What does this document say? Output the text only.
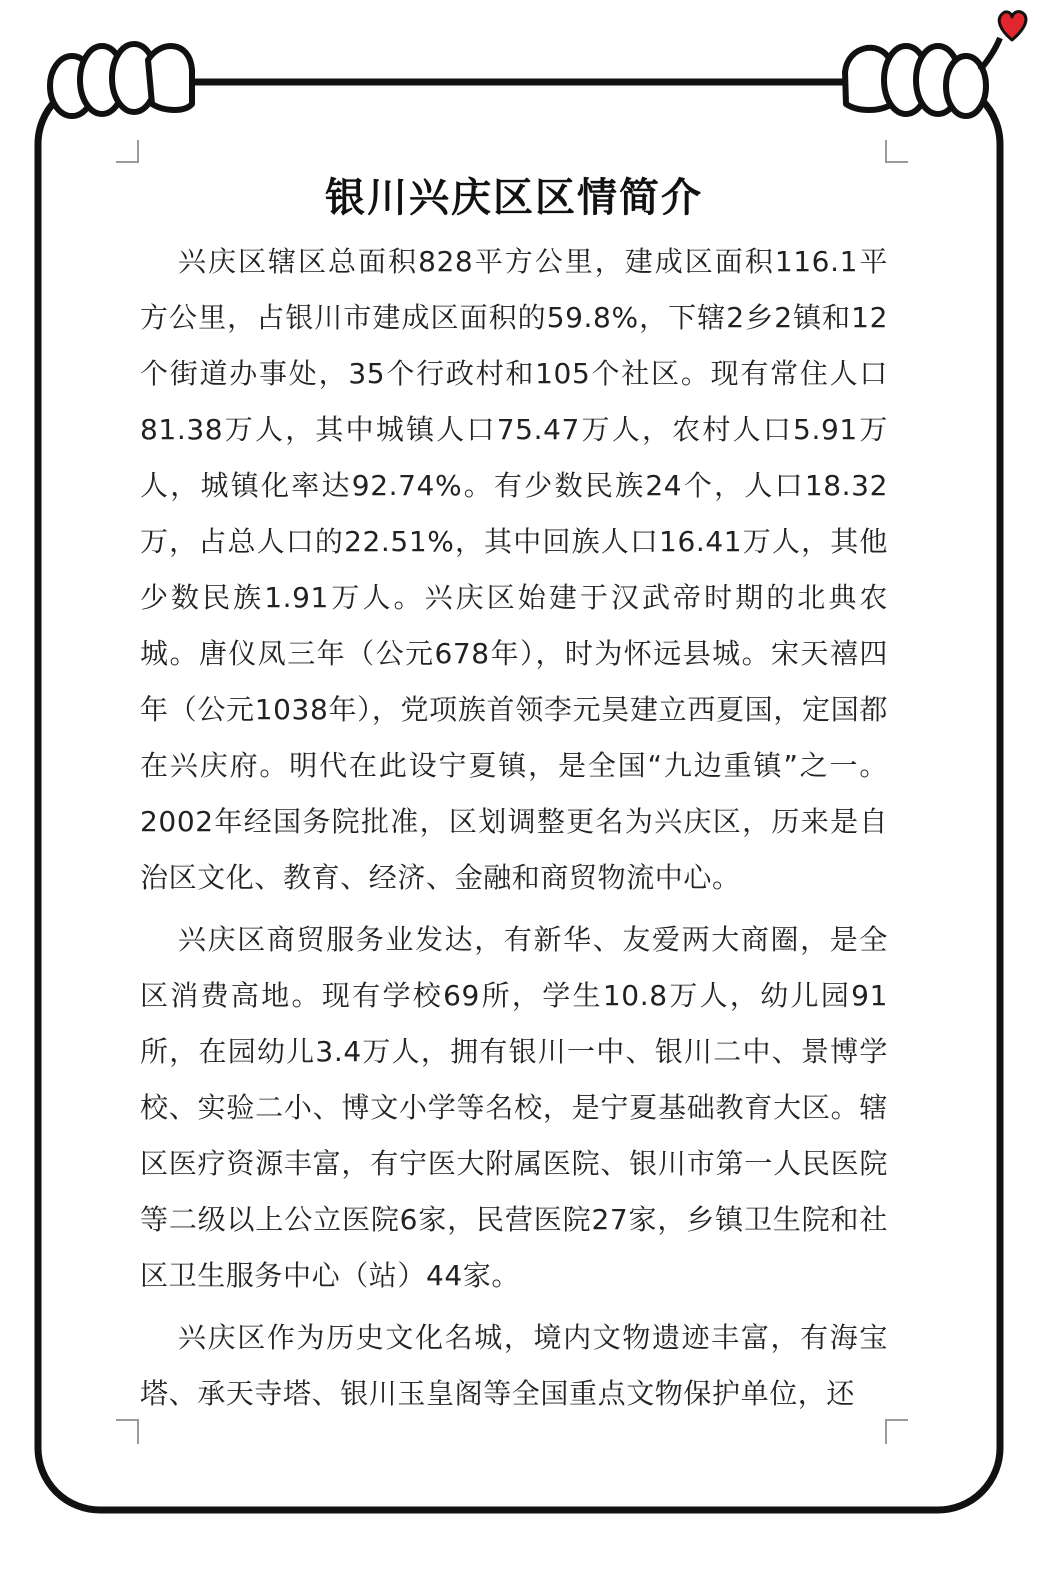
银川兴庆区区情简介

兴庆区辖区总面积828平方公里，建成区面积116.1平方公里，占银川市建成区面积的59.8%，下辖2乡2镇和12个街道办事处，35个行政村和105个社区。现有常住人口81.38万人，其中城镇人口75.47万人，农村人口5.91万人，城镇化率达92.74%。有少数民族24个，人口18.32万，占总人口的22.51%，其中回族人口16.41万人，其他少数民族1.91万人。兴庆区始建于汉武帝时期的北典农城。唐仪凤三年（公元678年），时为怀远县城。宋天禧四年（公元1038年），党项族首领李元昊建立西夏国，定国都在兴庆府。明代在此设宁夏镇，是全国“九边重镇”之一。2002年经国务院批准，区划调整更名为兴庆区，历来是自治区文化、教育、经济、金融和商贸物流中心。

兴庆区商贸服务业发达，有新华、友爱两大商圈，是全区消费高地。现有学校69所，学生10.8万人，幼儿园91所，在园幼儿3.4万人，拥有银川一中、银川二中、景博学校、实验二小、博文小学等名校，是宁夏基础教育大区。辖区医疗资源丰富，有宁医大附属医院、银川市第一人民医院等二级以上公立医院6家，民营医院27家，乡镇卫生院和社区卫生服务中心（站）44家。

兴庆区作为历史文化名城，境内文物遗迹丰富，有海宝塔、承天寺塔、银川玉皇阁等全国重点文物保护单位，还
